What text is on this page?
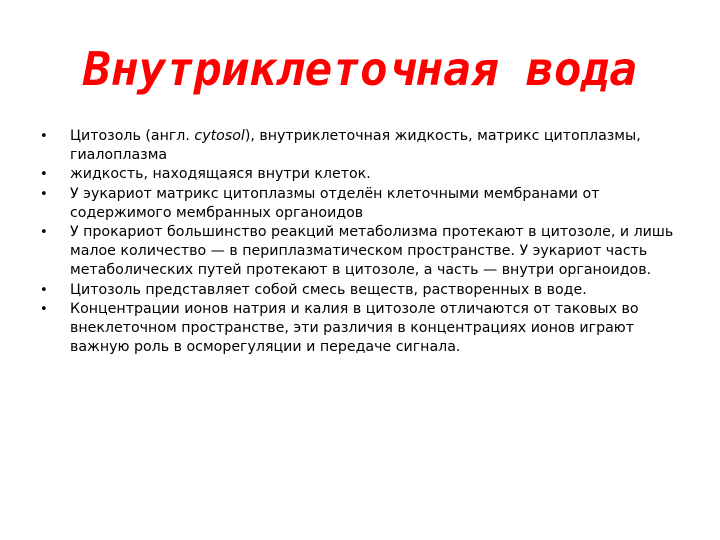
Внутриклеточная вода
•	Цитозоль (англ. cytosol), внутриклеточная жидкость, матрикс цитоплазмы, гиалоплазма
•	жидкость, находящаяся внутри клеток.
•	У эукариот матрикс цитоплазмы отделён клеточными мембранами от содержимого мембранных органоидов
•	У прокариот большинство реакций метаболизма протекают в цитозоле, и лишь малое количество — в периплазматическом пространстве. У эукариот часть метаболических путей протекают в цитозоле, а часть — внутри органоидов.
•	Цитозоль представляет собой смесь веществ, растворенных в воде.
•	Концентрации ионов натрия и калия в цитозоле отличаются от таковых во внеклеточном пространстве, эти различия в концентрациях ионов играют важную роль в осморегуляции и передаче сигнала.
